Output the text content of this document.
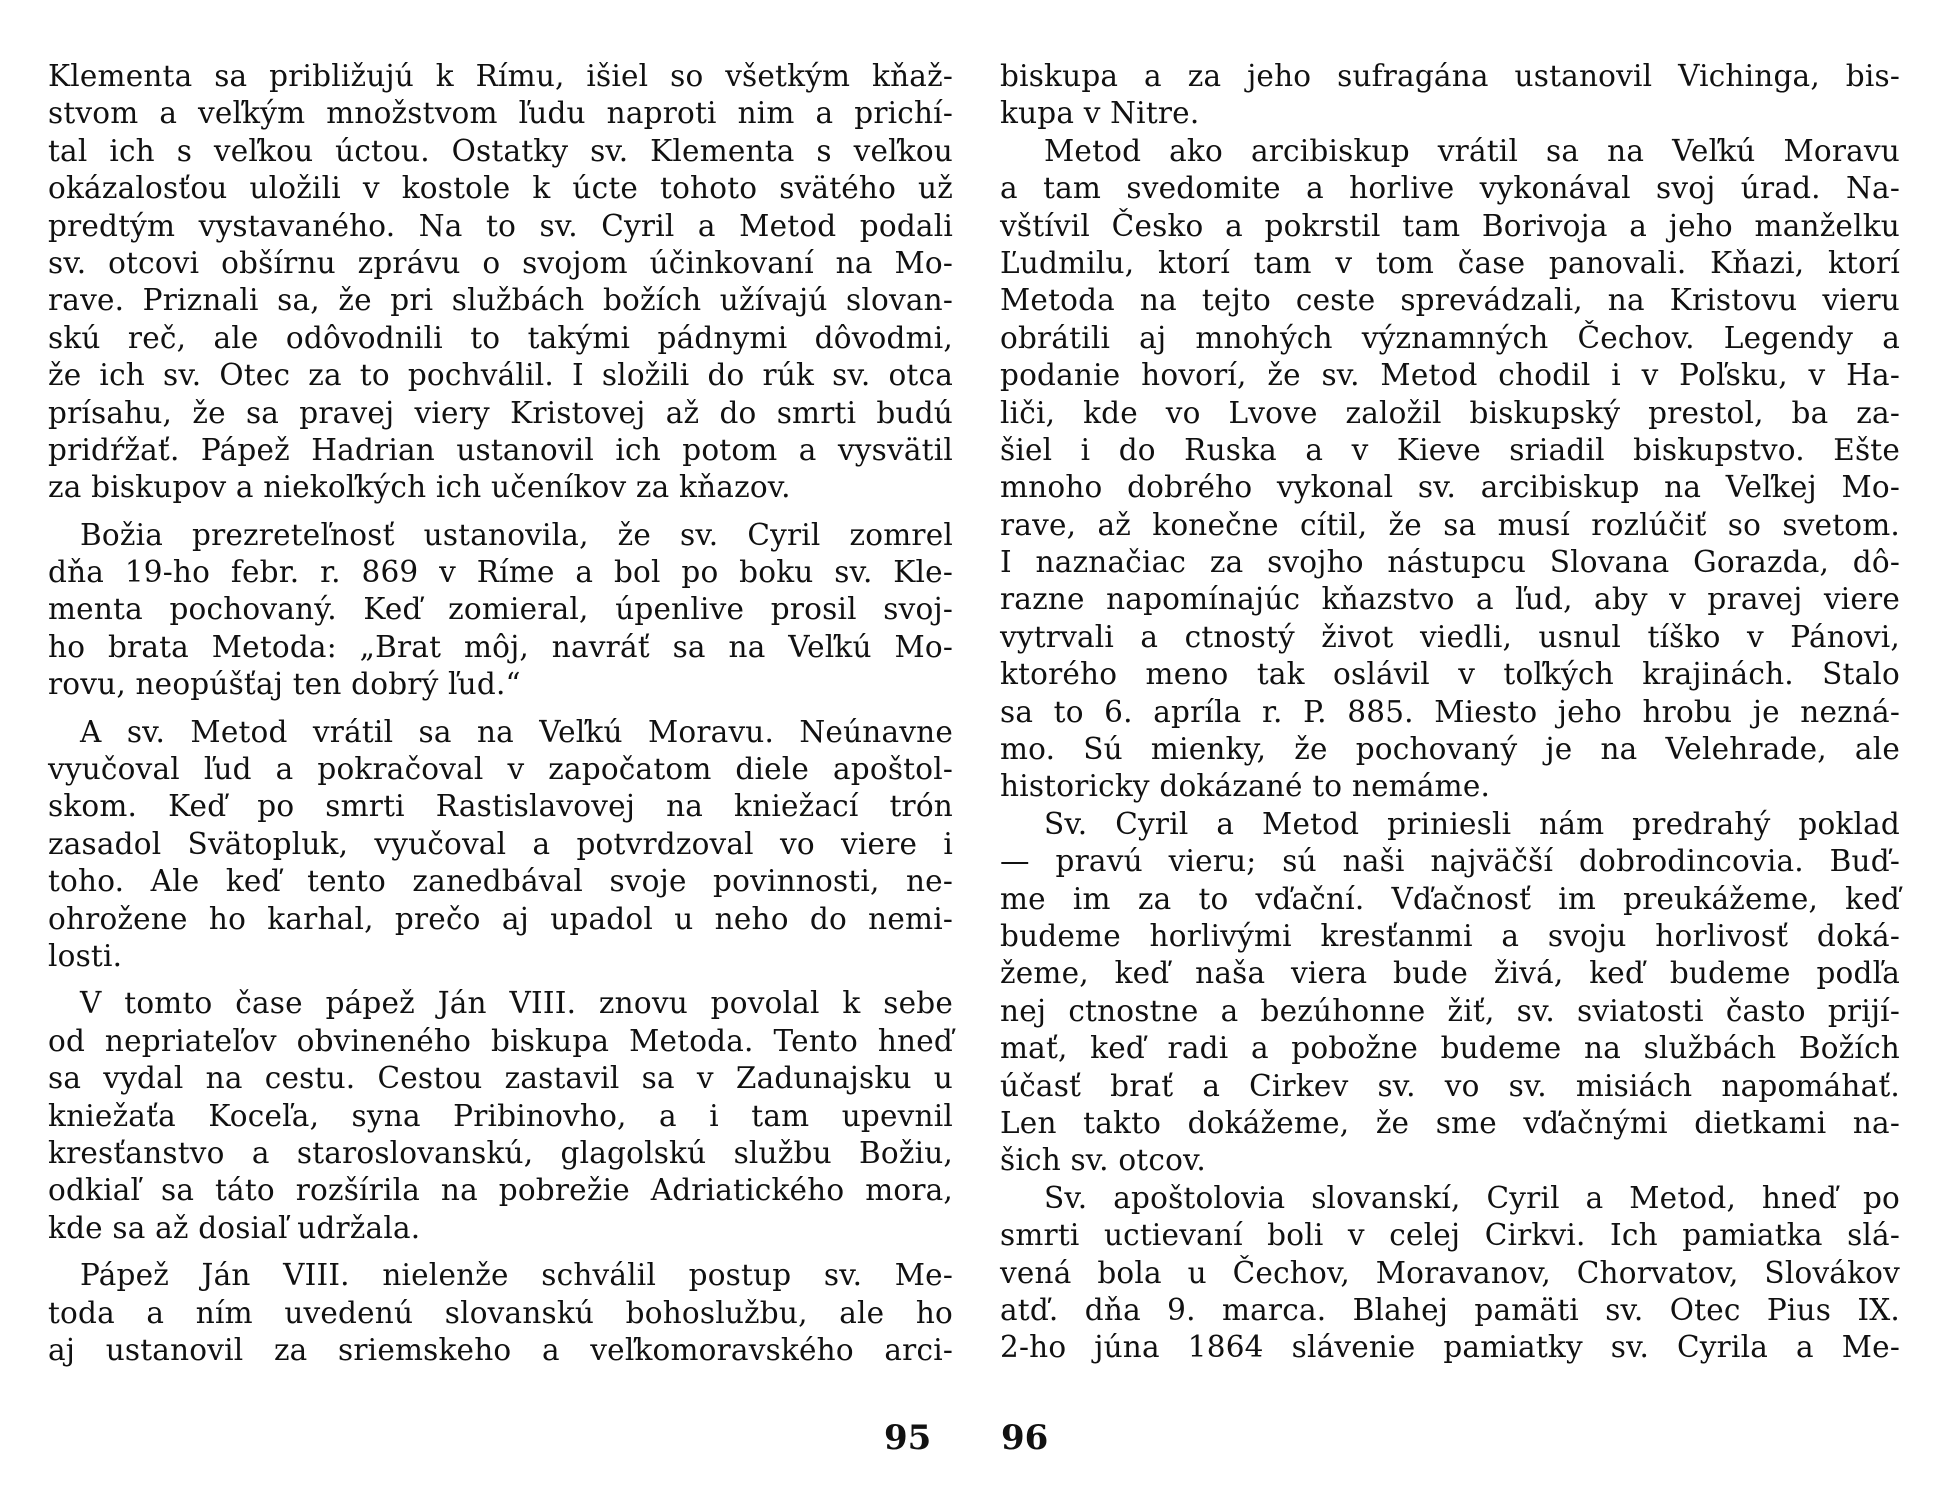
Klementa sa približujú k Rímu, išiel so všetkým kňaž-
stvom a veľkým množstvom ľudu naproti nim a prichí-
tal ich s veľkou úctou. Ostatky sv. Klementa s veľkou
okázalosťou uložili v kostole k úcte tohoto svätého už
predtým vystavaného. Na to sv. Cyril a Metod podali
sv. otcovi obšírnu zprávu o svojom účinkovaní na Mo-
rave. Priznali sa, že pri službách božích užívajú slovan-
skú reč, ale odôvodnili to takými pádnymi dôvodmi,
že ich sv. Otec za to pochválil. I složili do rúk sv. otca
prísahu, že sa pravej viery Kristovej až do smrti budú
pridŕžať. Pápež Hadrian ustanovil ich potom a vysvätil
za biskupov a niekoľkých ich učeníkov za kňazov.
Božia prezreteľnosť ustanovila, že sv. Cyril zomrel
dňa 19-ho febr. r. 869 v Ríme a bol po boku sv. Kle-
menta pochovaný. Keď zomieral, úpenlive prosil svoj-
ho brata Metoda: „Brat môj, navráť sa na Veľkú Mo-
rovu, neopúšťaj ten dobrý ľud.“
A sv. Metod vrátil sa na Veľkú Moravu. Neúnavne
vyučoval ľud a pokračoval v započatom diele apoštol-
skom. Keď po smrti Rastislavovej na kniežací trón
zasadol Svätopluk, vyučoval a potvrdzoval vo viere i
toho. Ale keď tento zanedbával svoje povinnosti, ne-
ohrožene ho karhal, prečo aj upadol u neho do nemi-
losti.
V tomto čase pápež Ján VIII. znovu povolal k sebe
od nepriateľov obvineného biskupa Metoda. Tento hneď
sa vydal na cestu. Cestou zastavil sa v Zadunajsku u
kniežaťa Koceľa, syna Pribinovho, a i tam upevnil
kresťanstvo a staroslovanskú, glagolskú službu Božiu,
odkiaľ sa táto rozšírila na pobrežie Adriatického mora,
kde sa až dosiaľ udržala.
Pápež Ján VIII. nielenže schválil postup sv. Me-
toda a ním uvedenú slovanskú bohoslužbu, ale ho
aj ustanovil za sriemskeho a veľkomoravského arci-
biskupa a za jeho sufragána ustanovil Vichinga, bis-
kupa v Nitre.
Metod ako arcibiskup vrátil sa na Veľkú Moravu
a tam svedomite a horlive vykonával svoj úrad. Na-
vštívil Česko a pokrstil tam Borivoja a jeho manželku
Ľudmilu, ktorí tam v tom čase panovali. Kňazi, ktorí
Metoda na tejto ceste sprevádzali, na Kristovu vieru
obrátili aj mnohých významných Čechov. Legendy a
podanie hovorí, že sv. Metod chodil i v Poľsku, v Ha-
liči, kde vo Lvove založil biskupský prestol, ba za-
šiel i do Ruska a v Kieve sriadil biskupstvo. Ešte
mnoho dobrého vykonal sv. arcibiskup na Veľkej Mo-
rave, až konečne cítil, že sa musí rozlúčiť so svetom.
I naznačiac za svojho nástupcu Slovana Gorazda, dô-
razne napomínajúc kňazstvo a ľud, aby v pravej viere
vytrvali a ctnostý život viedli, usnul tíško v Pánovi,
ktorého meno tak oslávil v toľkých krajinách. Stalo
sa to 6. apríla r. P. 885. Miesto jeho hrobu je nezná-
mo. Sú mienky, že pochovaný je na Velehrade, ale
historicky dokázané to nemáme.
Sv. Cyril a Metod priniesli nám predrahý poklad
— pravú vieru; sú naši najväčší dobrodincovia. Buď-
me im za to vďační. Vďačnosť im preukážeme, keď
budeme horlivými kresťanmi a svoju horlivosť doká-
žeme, keď naša viera bude živá, keď budeme podľa
nej ctnostne a bezúhonne žiť, sv. sviatosti často prijí-
mať, keď radi a pobožne budeme na službách Božích
účasť brať a Cirkev sv. vo sv. misiách napomáhať.
Len takto dokážeme, že sme vďačnými dietkami na-
šich sv. otcov.
Sv. apoštolovia slovanskí, Cyril a Metod, hneď po
smrti uctievaní boli v celej Cirkvi. Ich pamiatka slá-
vená bola u Čechov, Moravanov, Chorvatov, Slovákov
atď. dňa 9. marca. Blahej pamäti sv. Otec Pius IX.
2-ho júna 1864 slávenie pamiatky sv. Cyrila a Me-
95 96
